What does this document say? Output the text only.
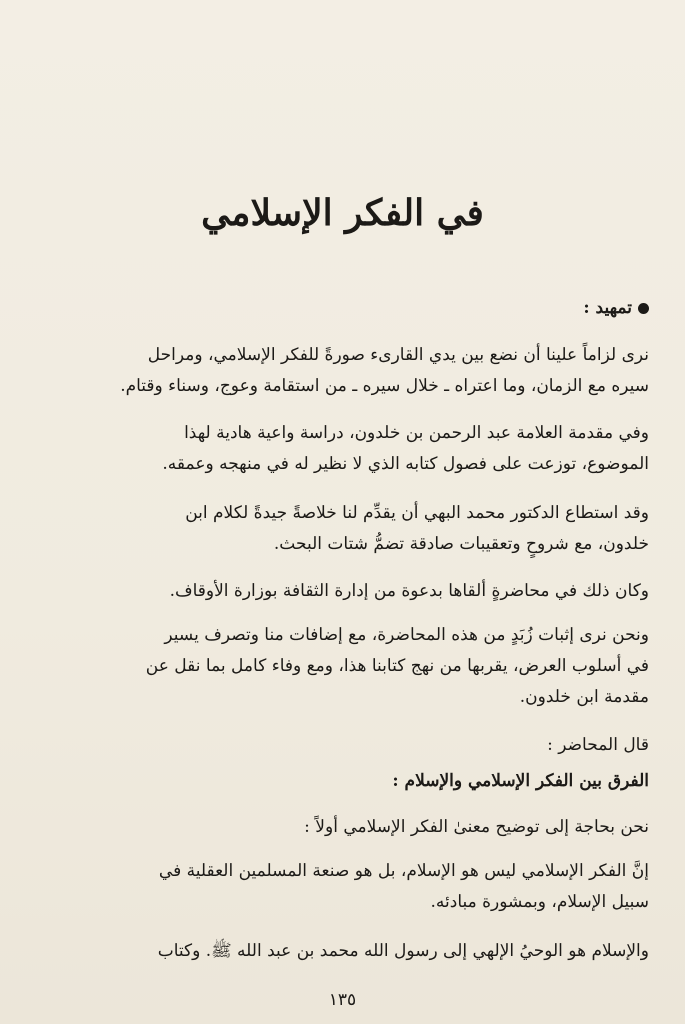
في الفكر الإسلامي
تمهيد :
نرى لزاماً علينا أن نضع بين يدي القارىء صورةً للفكر الإسلامي، ومراحل
سيره مع الزمان، وما اعتراه ـ خلال سيره ـ من استقامة وعوج، وسناء وقتام.
وفي مقدمة العلامة عبد الرحمن بن خلدون، دراسة واعية هادية لهذا
الموضوع، توزعت على فصول كتابه الذي لا نظير له في منهجه وعمقه.
وقد استطاع الدكتور محمد البهي أن يقدِّم لنا خلاصةً جيدةً لكلام ابن
خلدون، مع شروحٍ وتعقيبات صادقة تضمُّ شتات البحث.
وكان ذلك في محاضرةٍ ألقاها بدعوة من إدارة الثقافة بوزارة الأوقاف.
ونحن نرى إثبات زُبَدٍ من هذه المحاضرة، مع إضافات منا وتصرف يسير
في أسلوب العرض، يقربها من نهج كتابنا هذا، ومع وفاء كامل بما نقل عن
مقدمة ابن خلدون.
قال المحاضر :
الفرق بين الفكر الإسلامي والإسلام :
نحن بحاجة إلى توضيح معنىٰ الفكر الإسلامي أولاً :
إنَّ الفكر الإسلامي ليس هو الإسلام، بل هو صنعة المسلمين العقلية في
سبيل الإسلام، وبمشورة مبادئه.
والإسلام هو الوحيُ الإلهي إلى رسول الله محمد بن عبد الله ﷺ. وكتاب
١٣٥
